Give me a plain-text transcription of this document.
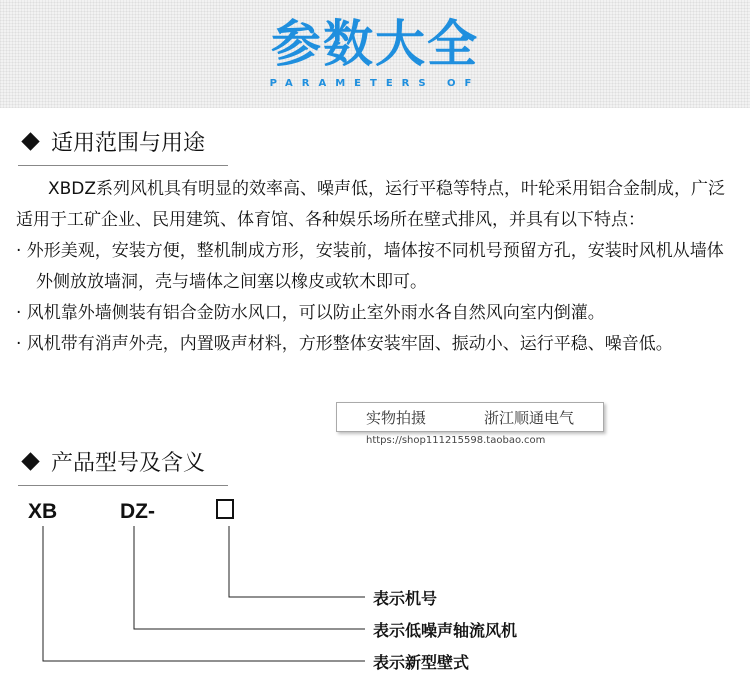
参数大全
PARAMETERS OF
适用范围与用途

XBDZ系列风机具有明显的效率高、噪声低，运行平稳等特点，叶轮采用铝合金制成，广泛适用于工矿企业、民用建筑、体育馆、各种娱乐场所在壁式排风，并具有以下特点：

· 外形美观，安装方便，整机制成方形，安装前，墙体按不同机号预留方孔，安装时风机从墙体外侧放放墙洞，壳与墙体之间塞以橡皮或软木即可。

· 风机靠外墙侧装有铝合金防水风口，可以防止室外雨水各自然风向室内倒灌。

· 风机带有消声外壳，内置吸声材料，方形整体安装牢固、振动小、运行平稳、噪音低。

实物拍摄	浙江顺通电气
https://shop111215598.taobao.com
产品型号及含义
XB	DZ-
表示机号
表示低噪声轴流风机
表示新型壁式
